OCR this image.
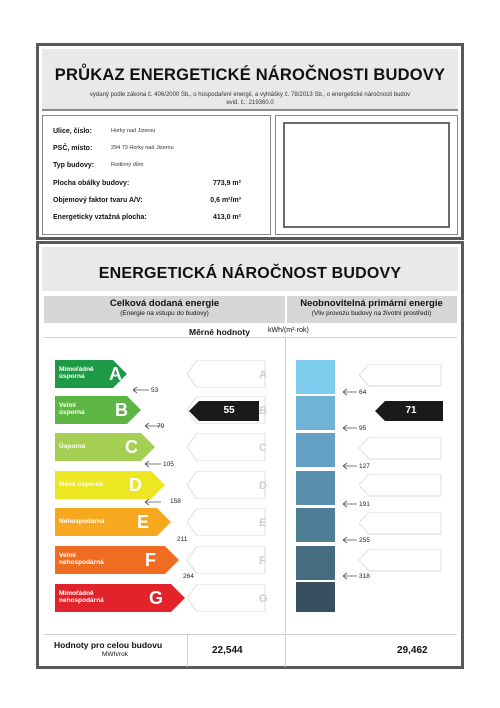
PRŮKAZ ENERGETICKÉ NÁROČNOSTI BUDOVY
vydaný podle zákona č. 406/2000 Sb., o hospodaření energií, a vyhlášky č. 78/2013 Sb., o energetické náročnosti budov
evid. č.: 219360.0
Ulice, číslo:	Horky nad Jizerou
PSČ, místo:	294 73 Horky nad Jizerou
Typ budovy:	Rodinný dům
Plocha obálky budovy:	773,9 m²
Objemový faktor tvaru A/V:	0,6 m²/m³
Energeticky vztažná plocha:	413,0 m²
ENERGETICKÁ NÁROČNOST BUDOVY
Celková dodaná energie
(Energie na vstupu do budovy)
Neobnovitelná primární energie
(Vliv provozu budovy na životní prostředí)
Měrné hodnoty	kWh/(m²·rok)
Mimořádně
úsporná	A	A
Velmi
úsporná B	B
Úsporná C	C
Méně úsporná D	D
Nehospodárná E	E
Velmi
nehospodárná F	F
Mimořádně
nehospodárná	G	G
53
79
105
158
211
264
55
64
95
127
191
255
318
71
Hodnoty pro celou budovu
MWh/rok	22,544	29,462
